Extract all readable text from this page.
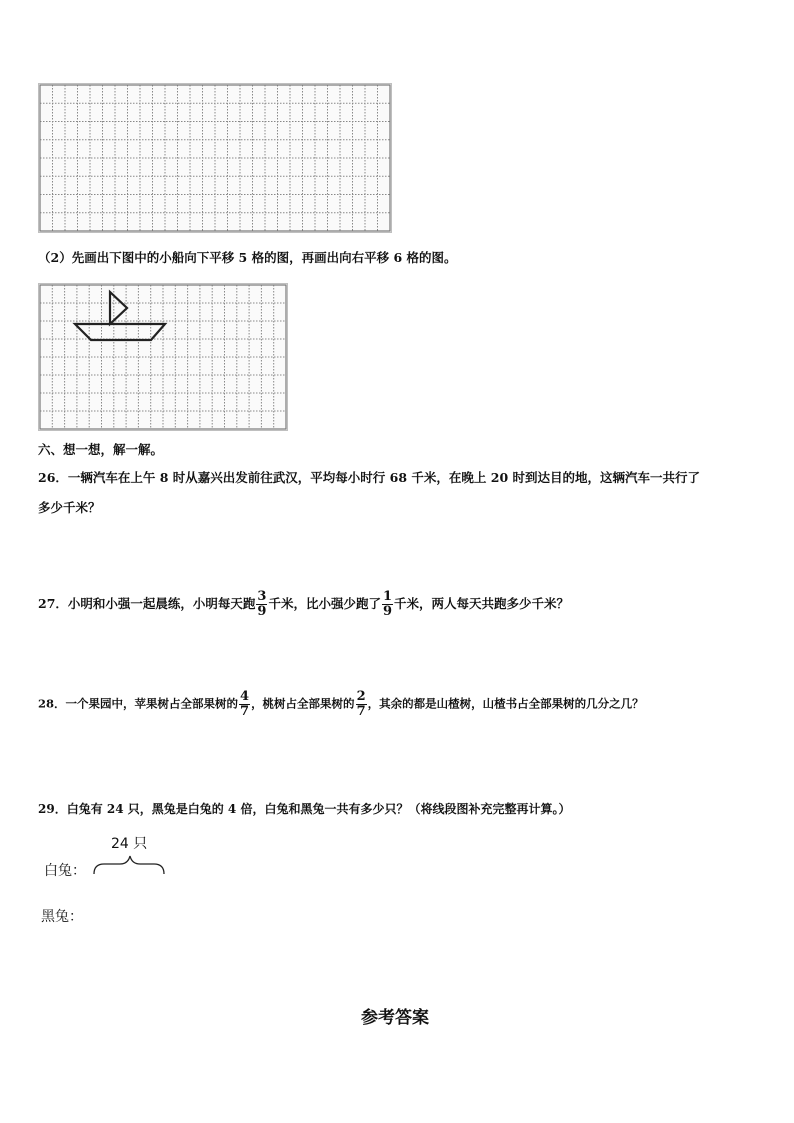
（2）先画出下图中的小船向下平移 5 格的图，再画出向右平移 6 格的图。
六、想一想，解一解。
26．一辆汽车在上午 8 时从嘉兴出发前往武汉，平均每小时行 68 千米，在晚上 20 时到达目的地，这辆汽车一共行了
多少千米？
27．小明和小强一起晨练，小明每天跑 $\frac{3}{9}$ 千米，比小强少跑了 $\frac{1}{9}$ 千米，两人每天共跑多少千米？
28．一个果园中，苹果树占全部果树的 $\frac{4}{7}$ ，桃树占全部果树的 $\frac{2}{7}$ ，其余的都是山楂树，山楂书占全部果树的几分之几？
29．白兔有 24 只，黑兔是白兔的 4 倍，白兔和黑兔一共有多少只？（将线段图补充完整再计算。）
24 只
白兔：
黑兔：
参考答案
